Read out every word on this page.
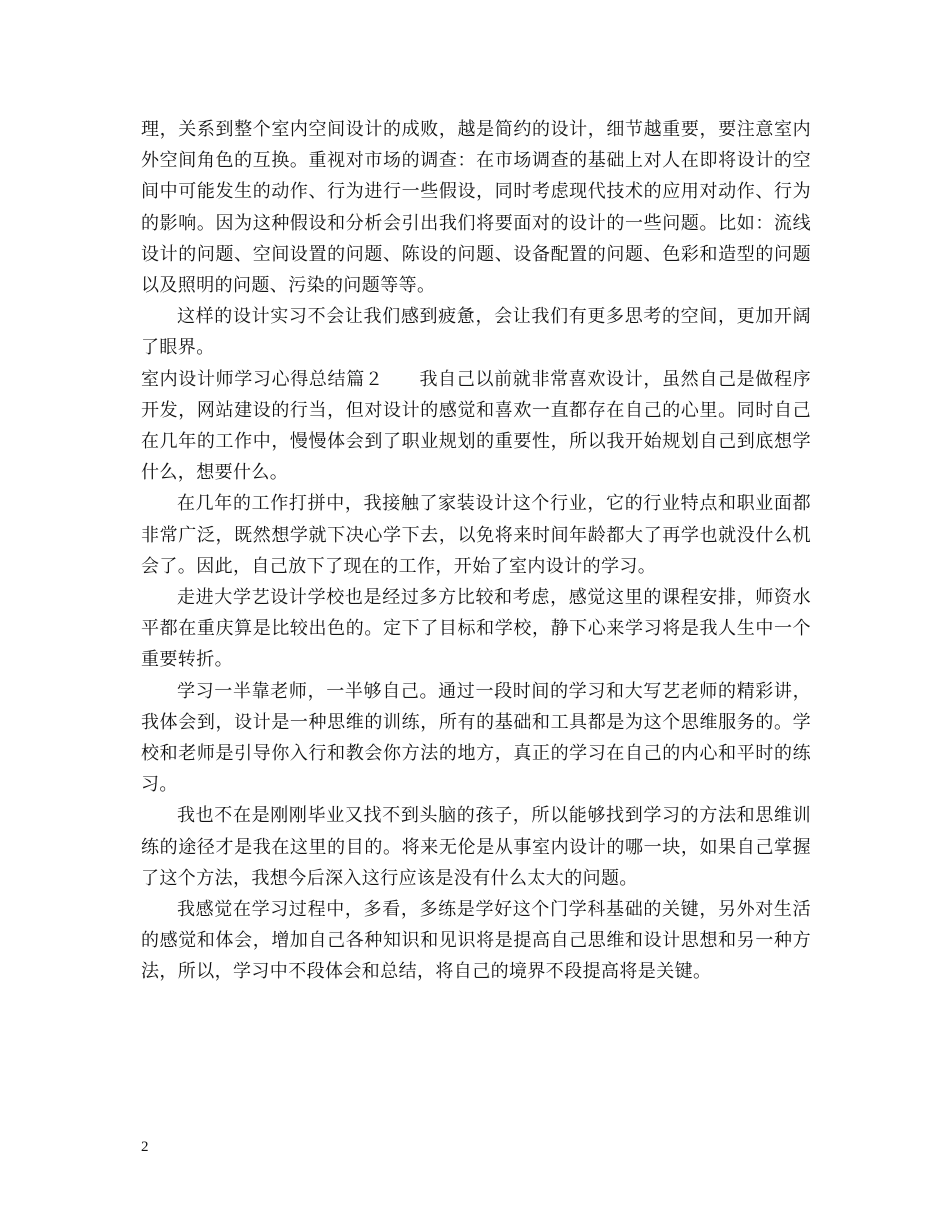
理，关系到整个室内空间设计的成败，越是简约的设计，细节越重要，要注意室内外空间角色的互换。重视对市场的调查：在市场调查的基础上对人在即将设计的空间中可能发生的动作、行为进行一些假设，同时考虑现代技术的应用对动作、行为的影响。因为这种假设和分析会引出我们将要面对的设计的一些问题。比如：流线设计的问题、空间设置的问题、陈设的问题、设备配置的问题、色彩和造型的问题以及照明的问题、污染的问题等等。

这样的设计实习不会让我们感到疲惫，会让我们有更多思考的空间，更加开阔了眼界。

室内设计师学习心得总结篇２ 我自己以前就非常喜欢设计，虽然自己是做程序开发，网站建设的行当，但对设计的感觉和喜欢一直都存在自己的心里。同时自己在几年的工作中，慢慢体会到了职业规划的重要性，所以我开始规划自己到底想学什么，想要什么。

在几年的工作打拼中，我接触了家装设计这个行业，它的行业特点和职业面都非常广泛，既然想学就下决心学下去，以免将来时间年龄都大了再学也就没什么机会了。因此，自己放下了现在的工作，开始了室内设计的学习。

走进大学艺设计学校也是经过多方比较和考虑，感觉这里的课程安排，师资水平都在重庆算是比较出色的。定下了目标和学校，静下心来学习将是我人生中一个重要转折。

学习一半靠老师，一半够自己。通过一段时间的学习和大写艺老师的精彩讲，我体会到，设计是一种思维的训练，所有的基础和工具都是为这个思维服务的。学校和老师是引导你入行和教会你方法的地方，真正的学习在自己的内心和平时的练习。

我也不在是刚刚毕业又找不到头脑的孩子，所以能够找到学习的方法和思维训练的途径才是我在这里的目的。将来无伦是从事室内设计的哪一块，如果自己掌握了这个方法，我想今后深入这行应该是没有什么太大的问题。

我感觉在学习过程中，多看，多练是学好这个门学科基础的关键，另外对生活的感觉和体会，增加自己各种知识和见识将是提高自己思维和设计思想和另一种方法，所以，学习中不段体会和总结，将自己的境界不段提高将是关键。

2
